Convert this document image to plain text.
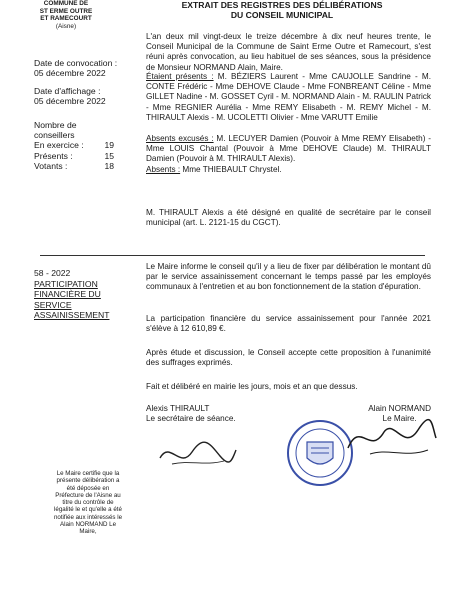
COMMUNE DE
ST ERME OUTRE
ET RAMECOURT
(Aisne)
EXTRAIT DES REGISTRES DES DÉLIBÉRATIONS
DU CONSEIL MUNICIPAL
Date de convocation :
05 décembre 2022
Date d'affichage :
05 décembre 2022
Nombre de
conseillers
En exercice : 19
Présents :	15
Votants :	18
L'an deux mil vingt-deux le treize décembre à dix neuf heures trente, le Conseil Municipal de la Commune de Saint Erme Outre et Ramecourt, s'est réuni après convocation, au lieu habituel de ses séances, sous la présidence de Monsieur NORMAND Alain, Maire.
Étaient présents : M. BÉZIERS Laurent - Mme CAUJOLLE Sandrine - M. CONTE Frédéric - Mme DEHOVE Claude - Mme FONBREANT Céline - Mme GILLET Nadine - M. GOSSET Cyril - M. NORMAND Alain - M. RAULIN Patrick - Mme REGNIER Aurélia - Mme REMY Elisabeth - M. REMY Michel - M. THIRAULT Alexis - M. UCOLETTI Olivier - Mme VARUTT Emilie
Absents excusés : M. LECUYER Damien (Pouvoir à Mme REMY Elisabeth) - Mme LOUIS Chantal (Pouvoir à Mme DEHOVE Claude) M. THIRAULT Damien (Pouvoir à M. THIRAULT Alexis).
Absents : Mme THIEBAULT Chrystel.
M. THIRAULT Alexis a été désigné en qualité de secrétaire par le conseil municipal (art. L. 2121-15 du CGCT).
58 - 2022
PARTICIPATION
FINANCIÈRE DU
SERVICE
ASSAINISSEMENT
Le Maire informe le conseil qu'il y a lieu de fixer par délibération le montant dû par le service assainissement concernant le temps passé par les employés communaux à l'entretien et au bon fonctionnement de la station d'épuration.
La participation financière du service assainissement pour l'année 2021 s'élève à 12 610,89 €.
Après étude et discussion, le Conseil accepte cette proposition à l'unanimité des suffrages exprimés.
Fait et délibéré en mairie les jours, mois et an que dessus.
Alexis THIRAULT
Le secrétaire de séance.
Alain NORMAND
Le Maire.
Le Maire certifie que la présente délibération a été déposée en Préfecture de l'Aisne au titre du contrôle de légalité le et qu'elle a été notifiée aux intéressés le Alain NORMAND Le Maire,
